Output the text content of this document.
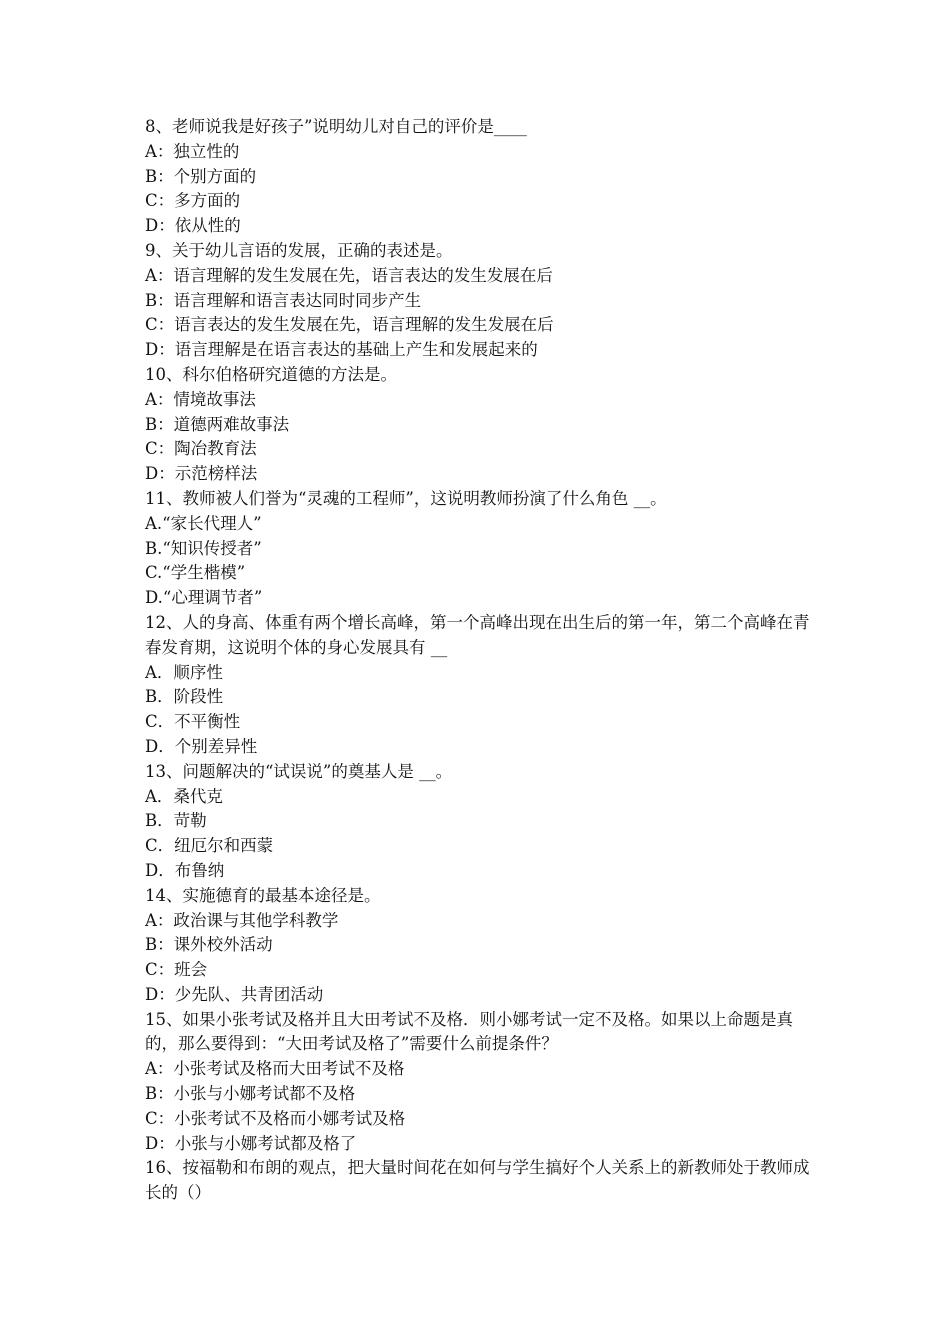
8、老师说我是好孩子”说明幼儿对自己的评价是____

A：独立性的

B：个别方面的

C：多方面的

D：依从性的

9、关于幼儿言语的发展，正确的表述是。

A：语言理解的发生发展在先，语言表达的发生发展在后

B：语言理解和语言表达同时同步产生

C：语言表达的发生发展在先，语言理解的发生发展在后

D：语言理解是在语言表达的基础上产生和发展起来的

10、科尔伯格研究道德的方法是。

A：情境故事法

B：道德两难故事法

C：陶冶教育法

D：示范榜样法

11、教师被人们誉为“灵魂的工程师”，这说明教师扮演了什么角色 __。

A.“家长代理人”

B.“知识传授者”

C.“学生楷模”

D.“心理调节者”

12、人的身高、体重有两个增长高峰，第一个高峰出现在出生后的第一年，第二个高峰在青春发育期，这说明个体的身心发展具有 __

A．顺序性

B．阶段性

C．不平衡性

D．个别差异性

13、问题解决的“试误说”的奠基人是 __。

A．桑代克

B．苛勒

C．纽厄尔和西蒙

D．布鲁纳

14、实施德育的最基本途径是。

A：政治课与其他学科教学

B：课外校外活动

C：班会

D：少先队、共青团活动

15、如果小张考试及格并且大田考试不及格．则小娜考试一定不及格。如果以上命题是真的，那么要得到：“大田考试及格了”需要什么前提条件？

A：小张考试及格而大田考试不及格

B：小张与小娜考试都不及格

C：小张考试不及格而小娜考试及格

D：小张与小娜考试都及格了

16、按福勒和布朗的观点，把大量时间花在如何与学生搞好个人关系上的新教师处于教师成长的（）
